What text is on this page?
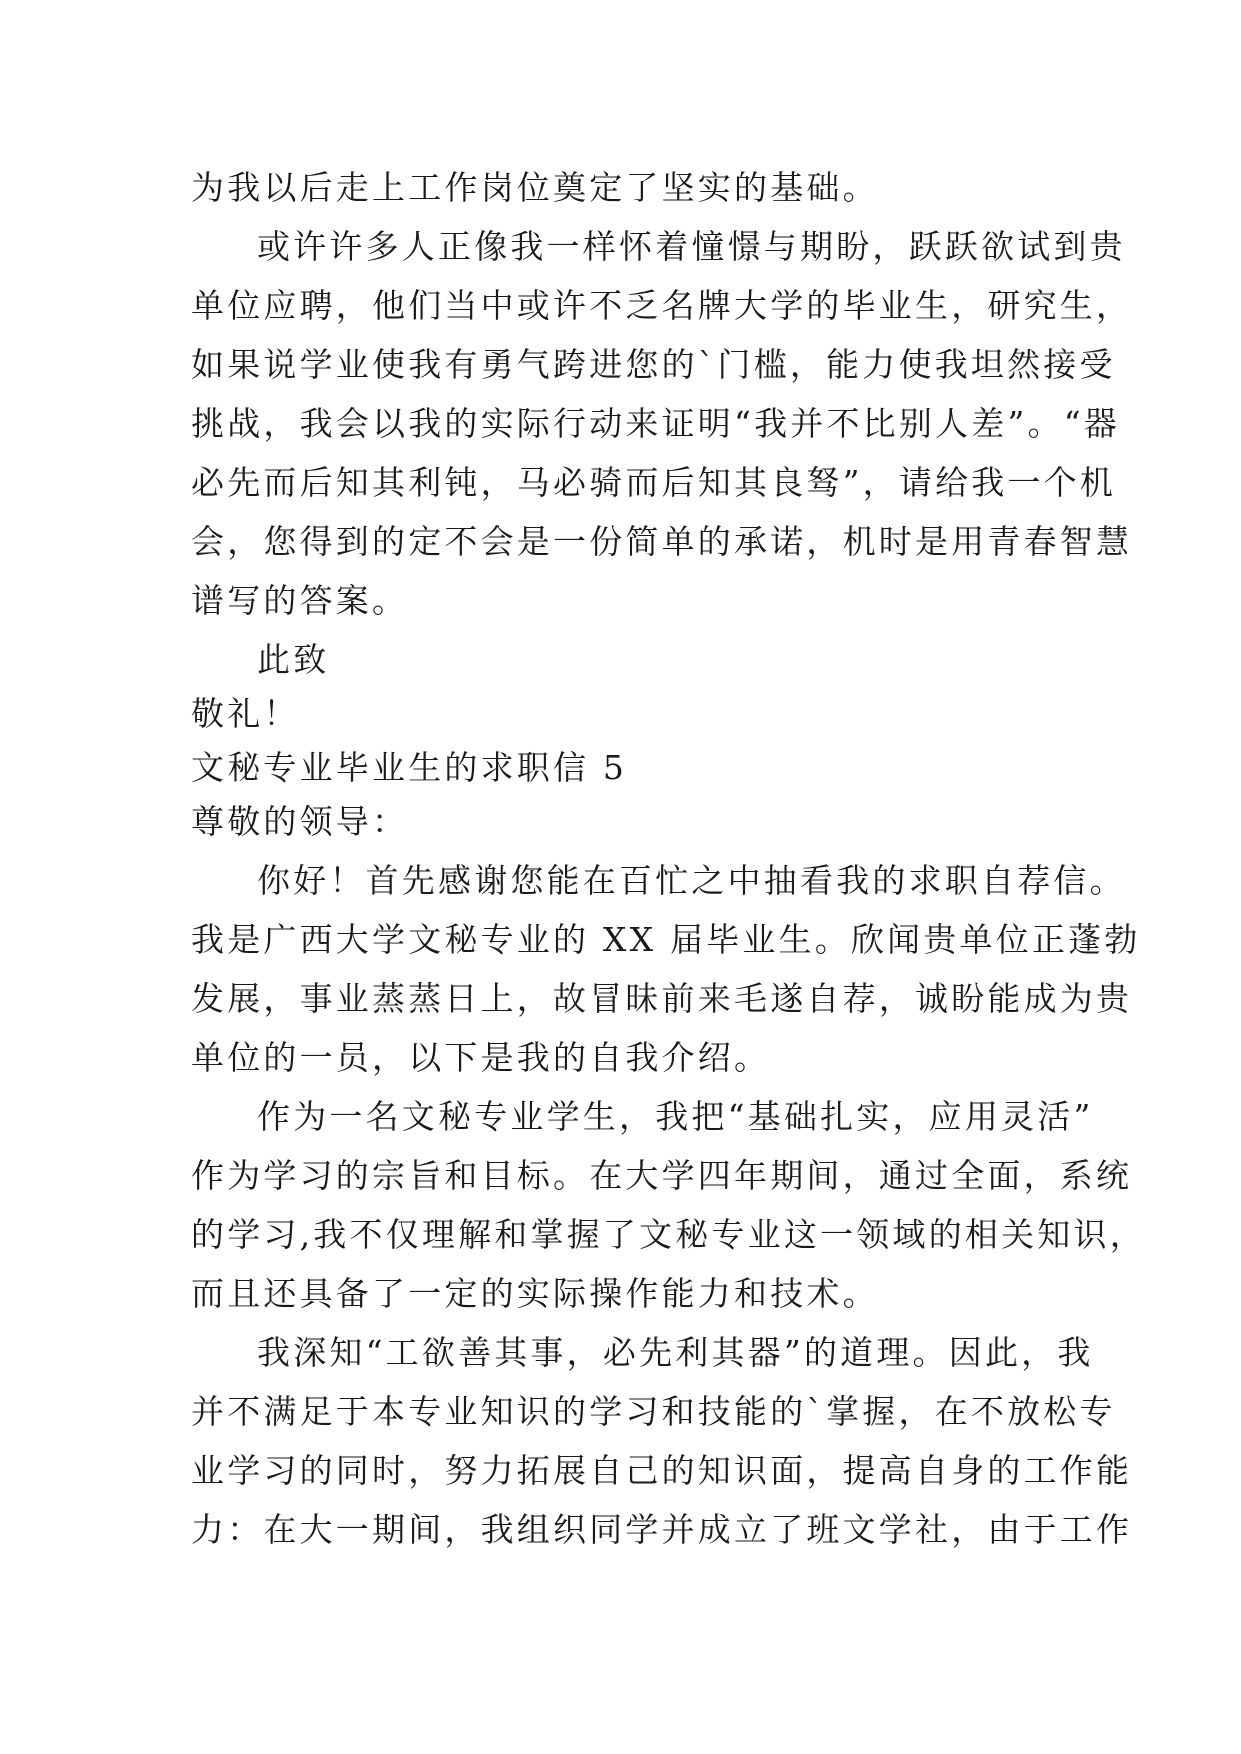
为我以后走上工作岗位奠定了坚实的基础。

或许许多人正像我一样怀着憧憬与期盼，跃跃欲试到贵

单位应聘，他们当中或许不乏名牌大学的毕业生，研究生，

如果说学业使我有勇气跨进您的`门槛，能力使我坦然接受

挑战，我会以我的实际行动来证明“我并不比别人差”。“器

必先而后知其利钝，马必骑而后知其良驽”，请给我一个机

会，您得到的定不会是一份简单的承诺，机时是用青春智慧

谱写的答案。

此致

敬礼！

文秘专业毕业生的求职信 5

尊敬的领导：

你好！首先感谢您能在百忙之中抽看我的求职自荐信。

我是广西大学文秘专业的 XX 届毕业生。欣闻贵单位正蓬勃

发展，事业蒸蒸日上，故冒昧前来毛遂自荐，诚盼能成为贵

单位的一员，以下是我的自我介绍。

作为一名文秘专业学生，我把“基础扎实，应用灵活”

作为学习的宗旨和目标。在大学四年期间，通过全面，系统

的学习,我不仅理解和掌握了文秘专业这一领域的相关知识，

而且还具备了一定的实际操作能力和技术。

我深知“工欲善其事，必先利其器”的道理。因此，我

并不满足于本专业知识的学习和技能的`掌握，在不放松专

业学习的同时，努力拓展自己的知识面，提高自身的工作能

力：在大一期间，我组织同学并成立了班文学社，由于工作
